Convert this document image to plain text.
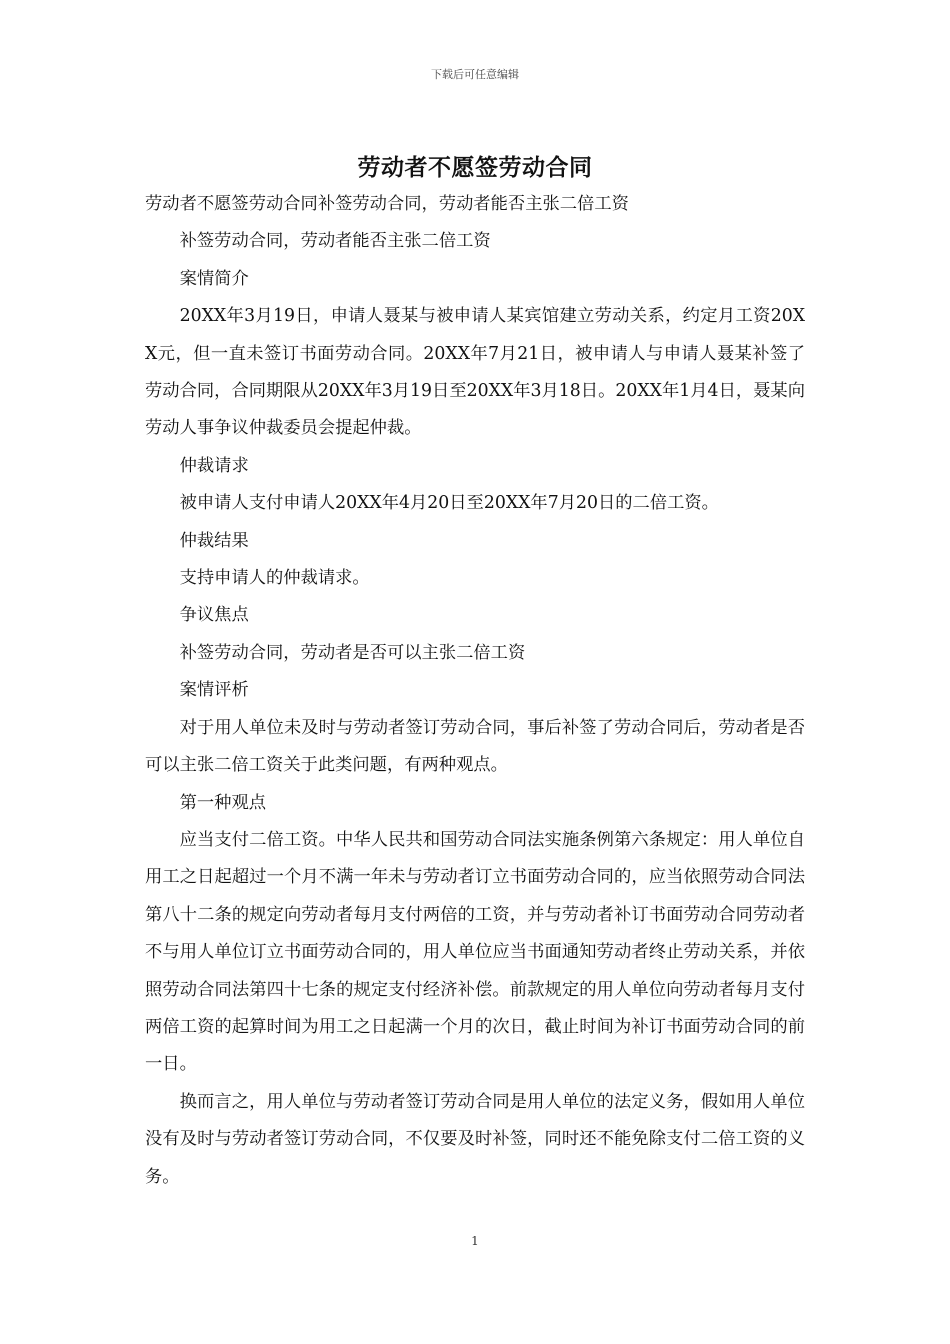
下载后可任意编辑
劳动者不愿签劳动合同

劳动者不愿签劳动合同补签劳动合同，劳动者能否主张二倍工资

补签劳动合同，劳动者能否主张二倍工资

案情简介

20XX年3月19日，申请人聂某与被申请人某宾馆建立劳动关系，约定月工资20XX元，但一直未签订书面劳动合同。20XX年7月21日，被申请人与申请人聂某补签了劳动合同，合同期限从20XX年3月19日至20XX年3月18日。20XX年1月4日，聂某向劳动人事争议仲裁委员会提起仲裁。

仲裁请求

被申请人支付申请人20XX年4月20日至20XX年7月20日的二倍工资。

仲裁结果

支持申请人的仲裁请求。

争议焦点

补签劳动合同，劳动者是否可以主张二倍工资

案情评析

对于用人单位未及时与劳动者签订劳动合同，事后补签了劳动合同后，劳动者是否可以主张二倍工资关于此类问题，有两种观点。

第一种观点

应当支付二倍工资。中华人民共和国劳动合同法实施条例第六条规定：用人单位自用工之日起超过一个月不满一年未与劳动者订立书面劳动合同的，应当依照劳动合同法第八十二条的规定向劳动者每月支付两倍的工资，并与劳动者补订书面劳动合同劳动者不与用人单位订立书面劳动合同的，用人单位应当书面通知劳动者终止劳动关系，并依照劳动合同法第四十七条的规定支付经济补偿。前款规定的用人单位向劳动者每月支付两倍工资的起算时间为用工之日起满一个月的次日，截止时间为补订书面劳动合同的前一日。

换而言之，用人单位与劳动者签订劳动合同是用人单位的法定义务，假如用人单位没有及时与劳动者签订劳动合同，不仅要及时补签，同时还不能免除支付二倍工资的义务。

1
